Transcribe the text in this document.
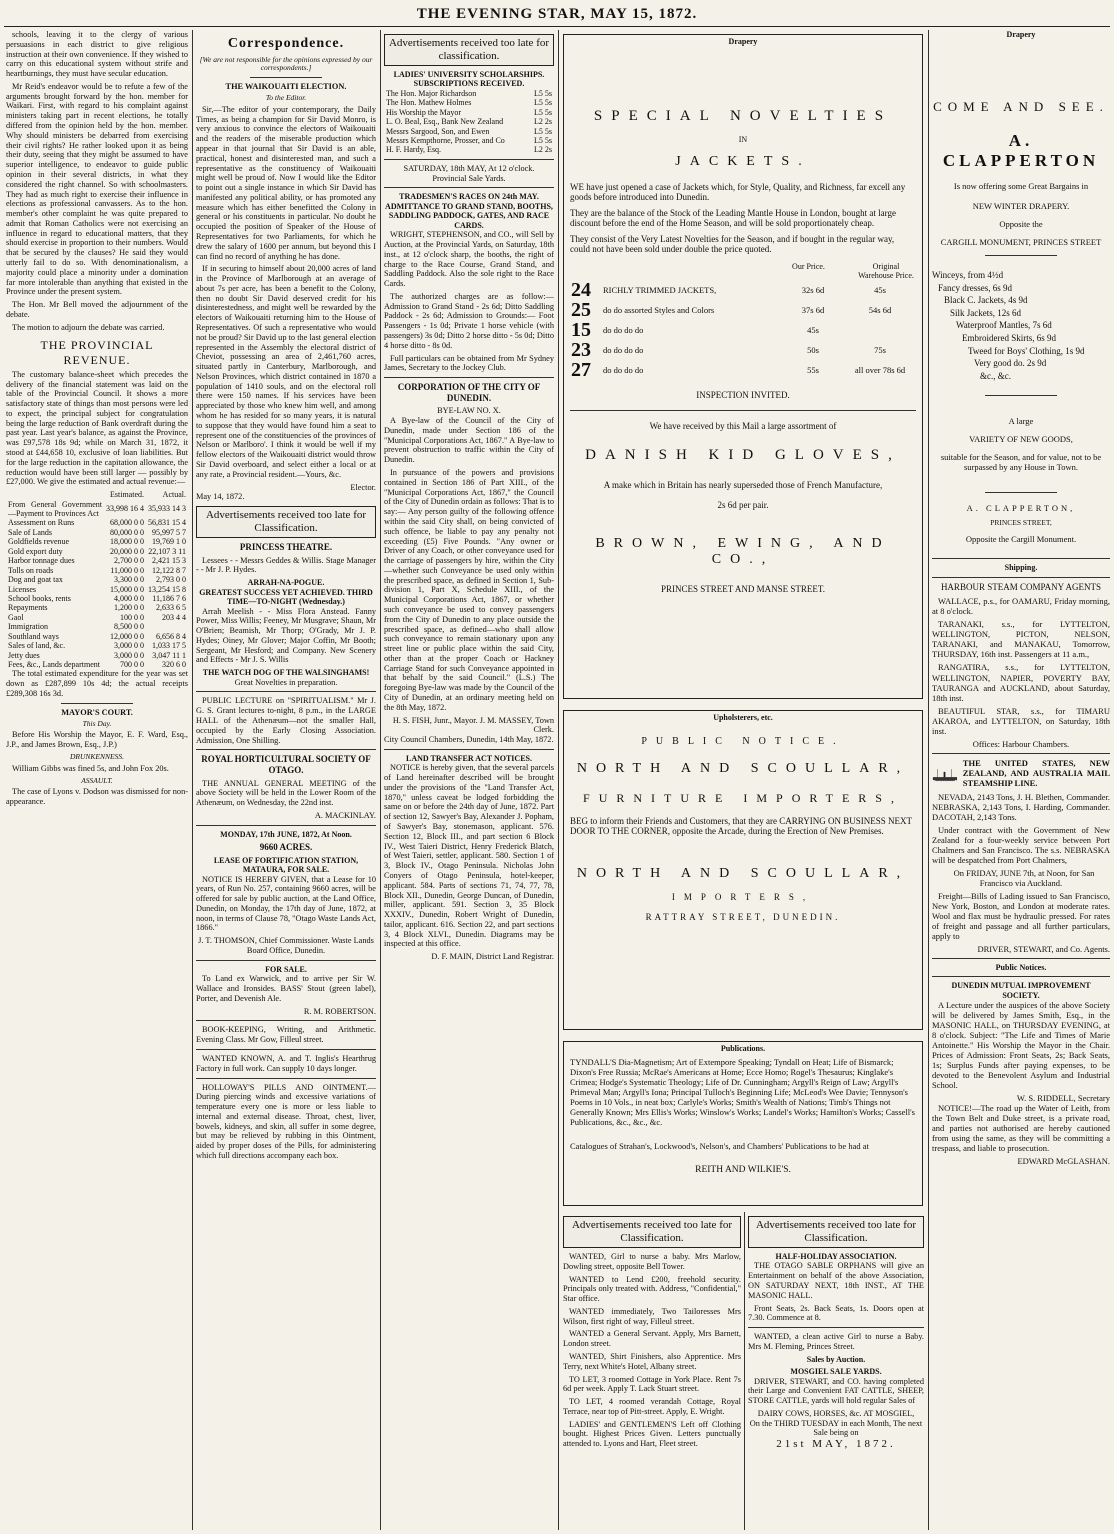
THE EVENING STAR, MAY 15, 1872.

schools, leaving it to the clergy of various persuasions in each district to give religious instruction at their own convenience. If they wished to carry on this educational system without strife and heartburnings, they must have secular education.

Mr Reid's endeavor would be to refute a few of the arguments brought forward by the hon. member for Waikari. First, with regard to his complaint against ministers taking part in recent elections, he totally differed from the opinion held by the hon. member. Why should ministers be debarred from exercising their civil rights? He rather looked upon it as being their duty, seeing that they might be assumed to have superior intelligence, to endeavor to guide public opinion in their several districts, in what they considered the right channel. So with schoolmasters. They had as much right to exercise their influence in elections as professional canvassers. As to the hon. member's other complaint he was quite prepared to admit that Roman Catholics were not exercising an influence in regard to educational matters, that they should exercise in proportion to their numbers. Would that be secured by the clauses? He said they would utterly fail to do so. With denominationalism, a majority could place a minority under a domination far more intolerable than anything that existed in the Province under the present system.

The Hon. Mr Bell moved the adjournment of the debate.

The motion to adjourn the debate was carried.

THE PROVINCIAL REVENUE.

The customary balance-sheet which precedes the delivery of the financial statement was laid on the table of the Provincial Council. It shows a more satisfactory state of things than most persons were led to expect, the principal subject for congratulation being the large reduction of Bank overdraft during the past year. Last year's balance, as against the Province, was £97,578 18s 9d; while on March 31, 1872, it stood at £44,658 10, exclusive of loan liabilities. But for the large reduction in the capitation allowance, the reduction would have been still larger — possibly by £27,000. We give the estimated and actual revenue:—

	Estimated.	Actual.
From General Government—Payment to Provinces Act	33,998 16 4	35,933 14 3
Assessment on Runs	68,000 0 0	56,831 15 4
Sale of Lands	80,000 0 0	95,997 5 7
Goldfields revenue	18,000 0 0	19,769 1 0
Gold export duty	20,000 0 0	22,107 3 11
Harbor tonnage dues	2,700 0 0	2,421 15 3
Tolls on roads	11,000 0 0	12,122 8 7
Dog and goat tax	3,300 0 0	2,793 0 0
Licenses	15,000 0 0	13,254 15 8
School books, rents	4,000 0 0	11,186 7 6
Repayments	1,200 0 0	2,633 6 5
Gaol	100 0 0	203 4 4
Immigration	8,500 0 0	
Southland ways	12,000 0 0	6,656 8 4
Sales of land, &c.	3,000 0 0	1,033 17 5
Jetty dues	3,000 0 0	3,047 11 1
Fees, &c., Lands department	700 0 0	320 6 0

The total estimated expenditure for the year was set down as £287,899 10s 4d; the actual receipts £289,308 16s 3d.

MAYOR'S COURT.
This Day.

Before His Worship the Mayor, E. F. Ward, Esq., J.P., and James Brown, Esq., J.P.)

DRUNKENNESS.

William Gibbs was fined 5s, and John Fox 20s.

ASSAULT.

The case of Lyons v. Dodson was dismissed for non-appearance.

Correspondence.
[We are not responsible for the opinions expressed by our correspondents.]
THE WAIKOUAITI ELECTION.
To the Editor.

Sir,—The editor of your contemporary, the Daily Times, as being a champion for Sir David Monro, is very anxious to convince the electors of Waikouaiti and the readers of the miserable production which appear in that journal that Sir David is an able, practical, honest and disinterested man, and such a representative as the constituency of Waikouaiti might well be proud of. Now I would like the Editor to point out a single instance in which Sir David has manifested any political ability, or has promoted any measure which has either benefitted the Colony in general or his constituents in particular. No doubt he occupied the position of Speaker of the House of Representatives for two Parliaments, for which he drew the salary of 1600 per annum, but beyond this I can find no record of anything he has done.

If in securing to himself about 20,000 acres of land in the Province of Marlborough at an average of about 7s per acre, has been a benefit to the Colony, then no doubt Sir David deserved credit for his disinterestedness, and might well be rewarded by the electors of Waikouaiti returning him to the House of Representatives. Of such a representative who would not be proud? Sir David up to the last general election represented in the Assembly the electoral district of Cheviot, possessing an area of 2,461,760 acres, situated partly in Canterbury, Marlborough, and Nelson Provinces, which district contained in 1870 a population of 1410 souls, and on the electoral roll there were 150 names. If his services have been appreciated by those who knew him well, and among whom he has resided for so many years, it is natural to suppose that they would have found him a seat to represent one of the constituencies of the provinces of Nelson or Marlboro'. I think it would be well if my fellow electors of the Waikouaiti district would throw Sir David overboard, and select either a local or at any rate, a Provincial resident.—Yours, &c.

Elector.
May 14, 1872.
Advertisements received too late for Classification.
PRINCESS THEATRE.

Lessees - - Messrs Geddes & Willis. Stage Manager - - Mr J. P. Hydes.

ARRAH-NA-POGUE.
GREATEST SUCCESS YET ACHIEVED. THIRD TIME—TO-NIGHT (Wednesday.)

Arrah Meelish - - Miss Flora Anstead. Fanny Power, Miss Willis; Feeney, Mr Musgrave; Shaun, Mr O'Brien; Beamish, Mr Thorp; O'Grady, Mr J. P. Hydes; Oiney, Mr Glover; Major Coffin, Mr Booth; Sergeant, Mr Hesford; and Company. New Scenery and Effects - Mr J. S. Willis

THE WATCH DOG OF THE WALSINGHAMS!
Great Novelties in preparation.

PUBLIC LECTURE on "SPIRITUALISM." Mr J. G. S. Grant lectures to-night, 8 p.m., in the LARGE HALL of the Athenæum—not the smaller Hall, occupied by the Early Closing Association. Admission, One Shilling.

ROYAL HORTICULTURAL SOCIETY OF OTAGO.

THE ANNUAL GENERAL MEETING of the above Society will be held in the Lower Room of the Athenæum, on Wednesday, the 22nd inst.

A. MACKINLAY.
MONDAY, 17th JUNE, 1872, At Noon.
9660 ACRES.
LEASE OF FORTIFICATION STATION, MATAURA, FOR SALE.

NOTICE IS HEREBY GIVEN, that a Lease for 10 years, of Run No. 257, containing 9660 acres, will be offered for sale by public auction, at the Land Office, Dunedin, on Monday, the 17th day of June, 1872, at noon, in terms of Clause 78, "Otago Waste Lands Act, 1866."

J. T. THOMSON, Chief Commissioner. Waste Lands Board Office, Dunedin.
FOR SALE.

To Land ex Warwick, and to arrive per Sir W. Wallace and Ironsides. BASS' Stout (green label), Porter, and Devenish Ale.

R. M. ROBERTSON.

BOOK-KEEPING, Writing, and Arithmetic. Evening Class. Mr Gow, Filleul street.

WANTED KNOWN, A. and T. Inglis's Hearthrug Factory in full work. Can supply 10 days longer.

HOLLOWAY'S PILLS AND OINTMENT.—During piercing winds and excessive variations of temperature every one is more or less liable to internal and external disease. Throat, chest, liver, bowels, kidneys, and skin, all suffer in some degree, but may be relieved by rubbing in this Ointment, aided by proper doses of the Pills, for administering which full directions accompany each box.

Advertisements received too late for classification.
LADIES' UNIVERSITY SCHOLARSHIPS. SUBSCRIPTIONS RECEIVED.
The Hon. Major Richardson	L5 5s
The Hon. Mathew Holmes	L5 5s
His Worship the Mayor	L5 5s
L. O. Beal, Esq., Bank New Zealand	L2 2s
Messrs Sargood, Son, and Ewen	L5 5s
Messrs Kempthorne, Prosser, and Co	L5 5s
H. F. Hardy, Esq.	L2 2s
SATURDAY, 18th MAY, At 12 o'clock.
Provincial Sale Yards.
TRADESMEN'S RACES ON 24th MAY.
ADMITTANCE TO GRAND STAND, BOOTHS, SADDLING PADDOCK, GATES, AND RACE CARDS.

WRIGHT, STEPHENSON, and CO., will Sell by Auction, at the Provincial Yards, on Saturday, 18th inst., at 12 o'clock sharp, the booths, the right of charge to the Race Course, Grand Stand, and Saddling Paddock. Also the sole right to the Race Cards.

The authorized charges are as follow:— Admission to Grand Stand - 2s 6d; Ditto Saddling Paddock - 2s 6d; Admission to Grounds:— Foot Passengers - 1s 0d; Private 1 horse vehicle (with passengers) 3s 0d; Ditto 2 horse ditto - 5s 0d; Ditto 4 horse ditto - 8s 0d.

Full particulars can be obtained from Mr Sydney James, Secretary to the Jockey Club.

CORPORATION OF THE CITY OF DUNEDIN.
BYE-LAW NO. X.

A Bye-law of the Council of the City of Dunedin, made under Section 186 of the "Municipal Corporations Act, 1867." A Bye-law to prevent obstruction to traffic within the City of Dunedin.

In pursuance of the powers and provisions contained in Section 186 of Part XIII., of the "Municipal Corporations Act, 1867," the Council of the City of Dunedin ordain as follows: That is to say:— Any person guilty of the following offence within the said City shall, on being convicted of such offence, be liable to pay any penalty not exceeding (£5) Five Pounds. "Any owner or Driver of any Coach, or other conveyance used for the carriage of passengers by hire, within the City—whether such Conveyance be used only within the prescribed space, as defined in Section 1, Sub-division 1, Part X, Schedule XIII., of the Municipal Corporations Act, 1867, or whether such conveyance be used to convey passengers from the City of Dunedin to any place outside the prescribed space, as defined—who shall allow such conveyance to remain stationary upon any street line or public place within the said City, other than at the proper Coach or Hackney Carriage Stand for such Conveyance appointed in that behalf by the said Council." (L.S.) The foregoing Bye-law was made by the Council of the City of Dunedin, at an ordinary meeting held on the 8th May, 1872.

H. S. FISH, Junr., Mayor. J. M. MASSEY, Town Clerk.
City Council Chambers, Dunedin, 14th May, 1872.
LAND TRANSFER ACT NOTICES.

NOTICE is hereby given, that the several parcels of Land hereinafter described will be brought under the provisions of the "Land Transfer Act, 1870," unless caveat be lodged forbidding the same on or before the 24th day of June, 1872. Part of section 12, Sawyer's Bay, Alexander J. Popham, of Sawyer's Bay, stonemason, applicant. 576. Section 12, Block III., and part section 6 Block IV., West Taieri District, Henry Frederick Blatch, of West Taieri, settler, applicant. 580. Section 1 of 3, Block IV., Otago Peninsula. Nicholas John Conyers of Otago Peninsula, hotel-keeper, applicant. 584. Parts of sections 71, 74, 77, 78, Block XII., Dunedin, George Duncan, of Dunedin, miller, applicant. 591. Section 3, 35 Block XXXIV., Dunedin, Robert Wright of Dunedin, tailor, applicant. 616. Section 22, and part sections 3, 4 Block XLVI., Dunedin. Diagrams may be inspected at this office.

D. F. MAIN, District Land Registrar.
Drapery
SPECIAL NOVELTIES
IN
JACKETS.

WE have just opened a case of Jackets which, for Style, Quality, and Richness, far excell any goods before introduced into Dunedin.

They are the balance of the Stock of the Leading Mantle House in London, bought at large discount before the end of the Home Season, and will be sold proportionately cheap.

They consist of the Very Latest Novelties for the Season, and if bought in the regular way, could not have been sold under double the price quoted.

Our Price.	Original Warehouse Price.
24	RICHLY TRIMMED JACKETS,	32s 6d	45s
25	do do assorted Styles and Colors	37s 6d	54s 6d
15	do do do do	45s	
23	do do do do	50s	75s
27	do do do do	55s	all over 78s 6d
INSPECTION INVITED.
We have received by this Mail a large assortment of
DANISH KID GLOVES,
A make which in Britain has nearly superseded those of French Manufacture,
2s 6d per pair.
BROWN, EWING, AND CO.,
PRINCES STREET AND MANSE STREET.
Upholsterers, etc.
PUBLIC NOTICE.
NORTH AND SCOULLAR,
FURNITURE IMPORTERS,

BEG to inform their Friends and Customers, that they are CARRYING ON BUSINESS NEXT DOOR TO THE CORNER, opposite the Arcade, during the Erection of New Premises.

NORTH AND SCOULLAR,
IMPORTERS,
RATTRAY STREET, DUNEDIN.
Publications.

TYNDALL'S Dia-Magnetism; Art of Extempore Speaking; Tyndall on Heat; Life of Bismarck; Dixon's Free Russia; McRae's Americans at Home; Ecce Homo; Rogel's Thesaurus; Kinglake's Crimea; Hodge's Systematic Theology; Life of Dr. Cunningham; Argyll's Reign of Law; Argyll's Primeval Man; Argyll's Iona; Principal Tulloch's Beginning Life; McLeod's Wee Davie; Tennyson's Poems in 10 Vols., in neat box; Carlyle's Works; Smith's Wealth of Nations; Timb's Things not Generally Known; Mrs Ellis's Works; Winslow's Works; Landel's Works; Hamilton's Works; Cassell's Publications, &c., &c., &c.

Catalogues of Strahan's, Lockwood's, Nelson's, and Chambers' Publications to be had at

REITH AND WILKIE'S.
Advertisements received too late for Classification.

WANTED, Girl to nurse a baby. Mrs Marlow, Dowling street, opposite Bell Tower.

WANTED to Lend £200, freehold security. Principals only treated with. Address, "Confidential," Star office.

WANTED immediately, Two Tailoresses Mrs Wilson, first right of way, Filleul street.

WANTED a General Servant. Apply, Mrs Barnett, London street.

WANTED, Shirt Finishers, also Apprentice. Mrs Terry, next White's Hotel, Albany street.

TO LET, 3 roomed Cottage in York Place. Rent 7s 6d per week. Apply T. Lack Stuart street.

TO LET, 4 roomed verandah Cottage, Royal Terrace, near top of Pitt-street. Apply, E. Wright.

LADIES' and GENTLEMEN'S Left off Clothing bought. Highest Prices Given. Letters punctually attended to. Lyons and Hart, Fleet street.

Advertisements received too late for Classification.
HALF-HOLIDAY ASSOCIATION.

THE OTAGO SABLE ORPHANS will give an Entertainment on behalf of the above Association, ON SATURDAY NEXT, 18th INST., AT THE MASONIC HALL.

Front Seats, 2s. Back Seats, 1s. Doors open at 7.30. Commence at 8.

WANTED, a clean active Girl to nurse a Baby. Mrs M. Fleming, Princes Street.

Sales by Auction.
MOSGIEL SALE YARDS.

DRIVER, STEWART, and CO. having completed their Large and Convenient FAT CATTLE, SHEEP, STORE CATTLE, yards will hold regular Sales of

DAIRY COWS, HORSES, &c. AT MOSGIEL,
On the THIRD TUESDAY in each Month, The next Sale being on
21st MAY, 1872.
Drapery
COME AND SEE.
A. CLAPPERTON
Is now offering some Great Bargains in
NEW WINTER DRAPERY.
Opposite the
CARGILL MONUMENT, PRINCES STREET
Winceys, from 4½d
Fancy dresses, 6s 9d
Black C. Jackets, 4s 9d
Silk Jackets, 12s 6d
Waterproof Mantles, 7s 6d
Embroidered Skirts, 6s 9d
Tweed for Boys' Clothing, 1s 9d
Very good do. 2s 9d
&c., &c.
A large
VARIETY OF NEW GOODS,
suitable for the Season, and for value, not to be surpassed by any House in Town.
A. CLAPPERTON,
PRINCES STREET,
Opposite the Cargill Monument.
Shipping.
HARBOUR STEAM COMPANY AGENTS

WALLACE, p.s., for OAMARU, Friday morning, at 8 o'clock.

TARANAKI, s.s., for LYTTELTON, WELLINGTON, PICTON, NELSON, TARANAKI, and MANAKAU, Tomorrow, THURSDAY, 16th inst. Passengers at 11 a.m.,

RANGATIRA, s.s., for LYTTELTON, WELLINGTON, NAPIER, POVERTY BAY, TAURANGA and AUCKLAND, about Saturday, 18th inst.

BEAUTIFUL STAR, s.s., for TIMARU AKAROA, and LYTTELTON, on Saturday, 18th inst.

Offices: Harbour Chambers.
THE UNITED STATES, NEW ZEALAND, AND AUSTRALIA MAIL STEAMSHIP LINE.

NEVADA, 2143 Tons, J. H. Blethen, Commander. NEBRASKA, 2,143 Tons, I. Harding, Commander. DACOTAH, 2,143 Tons.

Under contract with the Government of New Zealand for a four-weekly service between Port Chalmers and San Francisco. The s.s. NEBRASKA will be despatched from Port Chalmers,

On FRIDAY, JUNE 7th, at Noon, for San Francisco via Auckland.

Freight—Bills of Lading issued to San Francisco, New York, Boston, and London at moderate rates. Wool and flax must be hydraulic pressed. For rates of freight and passage and all further particulars, apply to

DRIVER, STEWART, and Co. Agents.
Public Notices.
DUNEDIN MUTUAL IMPROVEMENT SOCIETY.

A Lecture under the auspices of the above Society will be delivered by James Smith, Esq., in the MASONIC HALL, on THURSDAY EVENING, at 8 o'clock. Subject: "The Life and Times of Marie Antoinette." His Worship the Mayor in the Chair. Prices of Admission: Front Seats, 2s; Back Seats, 1s; Surplus Funds after paying expenses, to be devoted to the Benevolent Asylum and Industrial School.

W. S. RIDDELL, Secretary

NOTICE!—The road up the Water of Leith, from the Town Belt and Duke street, is a private road, and parties not authorised are hereby cautioned from using the same, as they will be committing a trespass, and liable to prosecution.

EDWARD McGLASHAN.
